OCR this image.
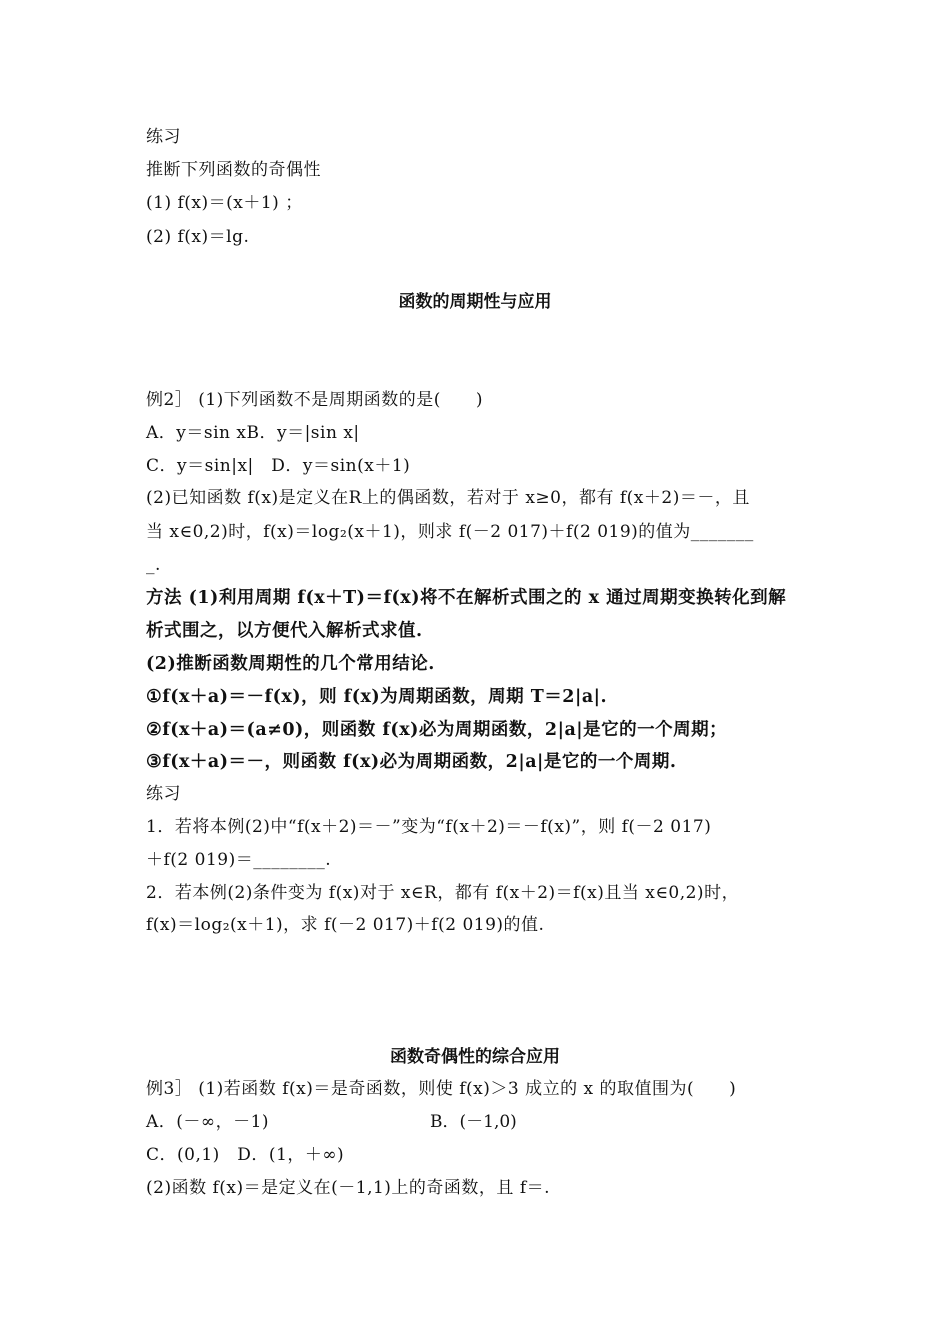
练习
推断下列函数的奇偶性
(1) f(x)＝(x＋1) ；
(2) f(x)＝lg.
函数的周期性与应用
例2］ (1)下列函数不是周期函数的是(　　)
A．y＝sin xB．y＝|sin x|
C．y＝sin|x|　D．y＝sin(x＋1)
(2)已知函数 f(x)是定义在R上的偶函数，若对于 x≥0，都有 f(x＋2)＝－，且
当 x∈0,2)时，f(x)＝log₂(x＋1)，则求 f(－2 017)＋f(2 019)的值为_______
_.
方法 (1)利用周期 f(x＋T)＝f(x)将不在解析式围之的 x 通过周期变换转化到解
析式围之，以方便代入解析式求值.
(2)推断函数周期性的几个常用结论.
①f(x＋a)＝－f(x)，则 f(x)为周期函数，周期 T＝2|a|.
②f(x＋a)＝(a≠0)，则函数 f(x)必为周期函数，2|a|是它的一个周期；
③f(x＋a)＝－，则函数 f(x)必为周期函数，2|a|是它的一个周期.
练习
1．若将本例(2)中“f(x＋2)＝－”变为“f(x＋2)＝－f(x)”，则 f(－2 017)
＋f(2 019)＝________.
2．若本例(2)条件变为 f(x)对于 x∈R，都有 f(x＋2)＝f(x)且当 x∈0,2)时，
f(x)＝log₂(x＋1)，求 f(－2 017)＋f(2 019)的值.
函数奇偶性的综合应用
例3］ (1)若函数 f(x)＝是奇函数，则使 f(x)＞3 成立的 x 的取值围为(　　)
A．(－∞，－1)	B．(－1,0)
C．(0,1)　D．(1，＋∞)
(2)函数 f(x)＝是定义在(－1,1)上的奇函数，且 f＝.
